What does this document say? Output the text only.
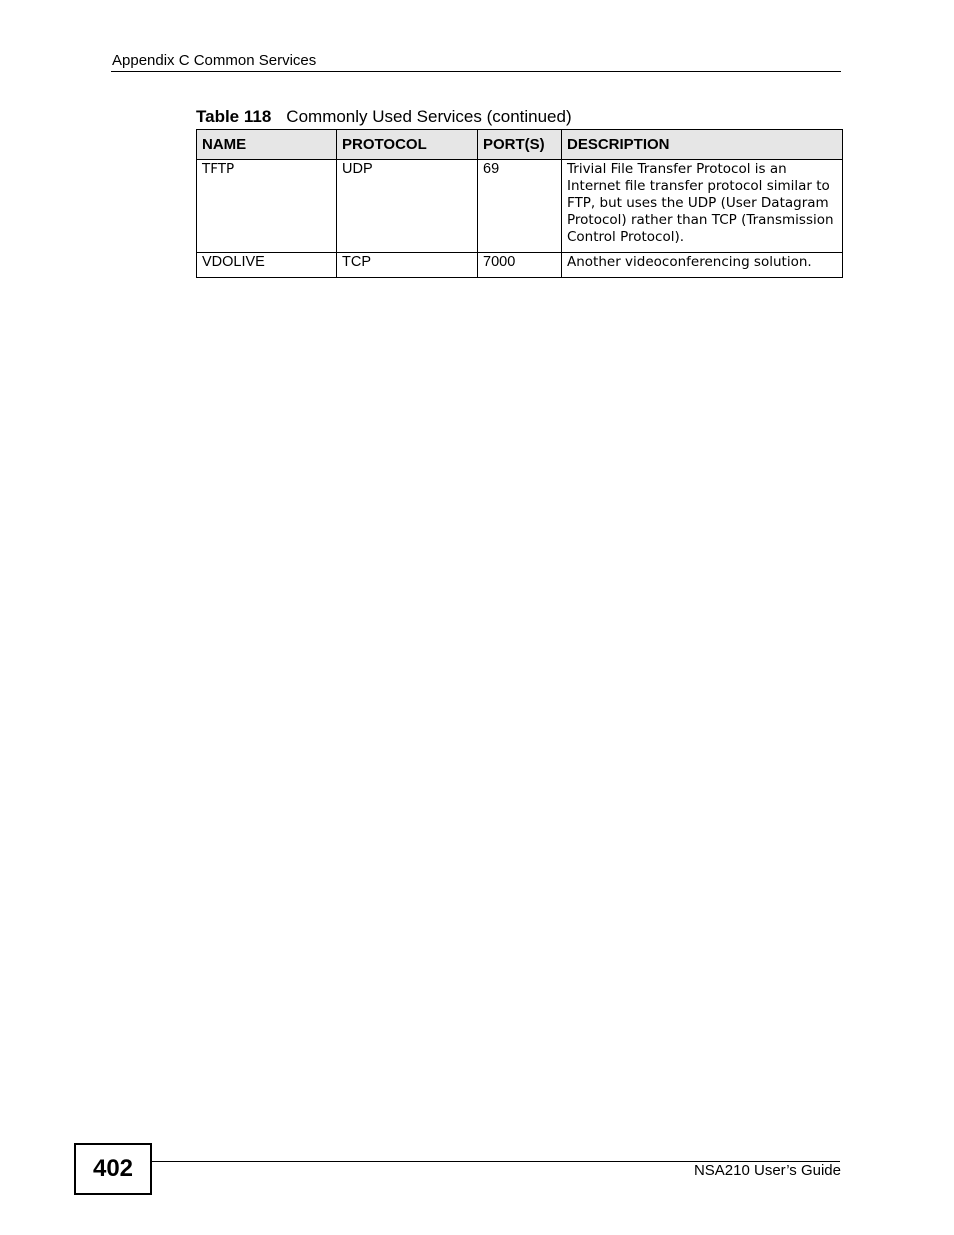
Appendix C Common Services
Table 118 Commonly Used Services (continued)
NAME	PROTOCOL	PORT(S)	DESCRIPTION
TFTP	UDP	69	Trivial File Transfer Protocol is an Internet file transfer protocol similar to FTP, but uses the UDP (User Datagram Protocol) rather than TCP (Transmission Control Protocol).
VDOLIVE	TCP	7000	Another videoconferencing solution.
402	NSA210 User’s Guide
